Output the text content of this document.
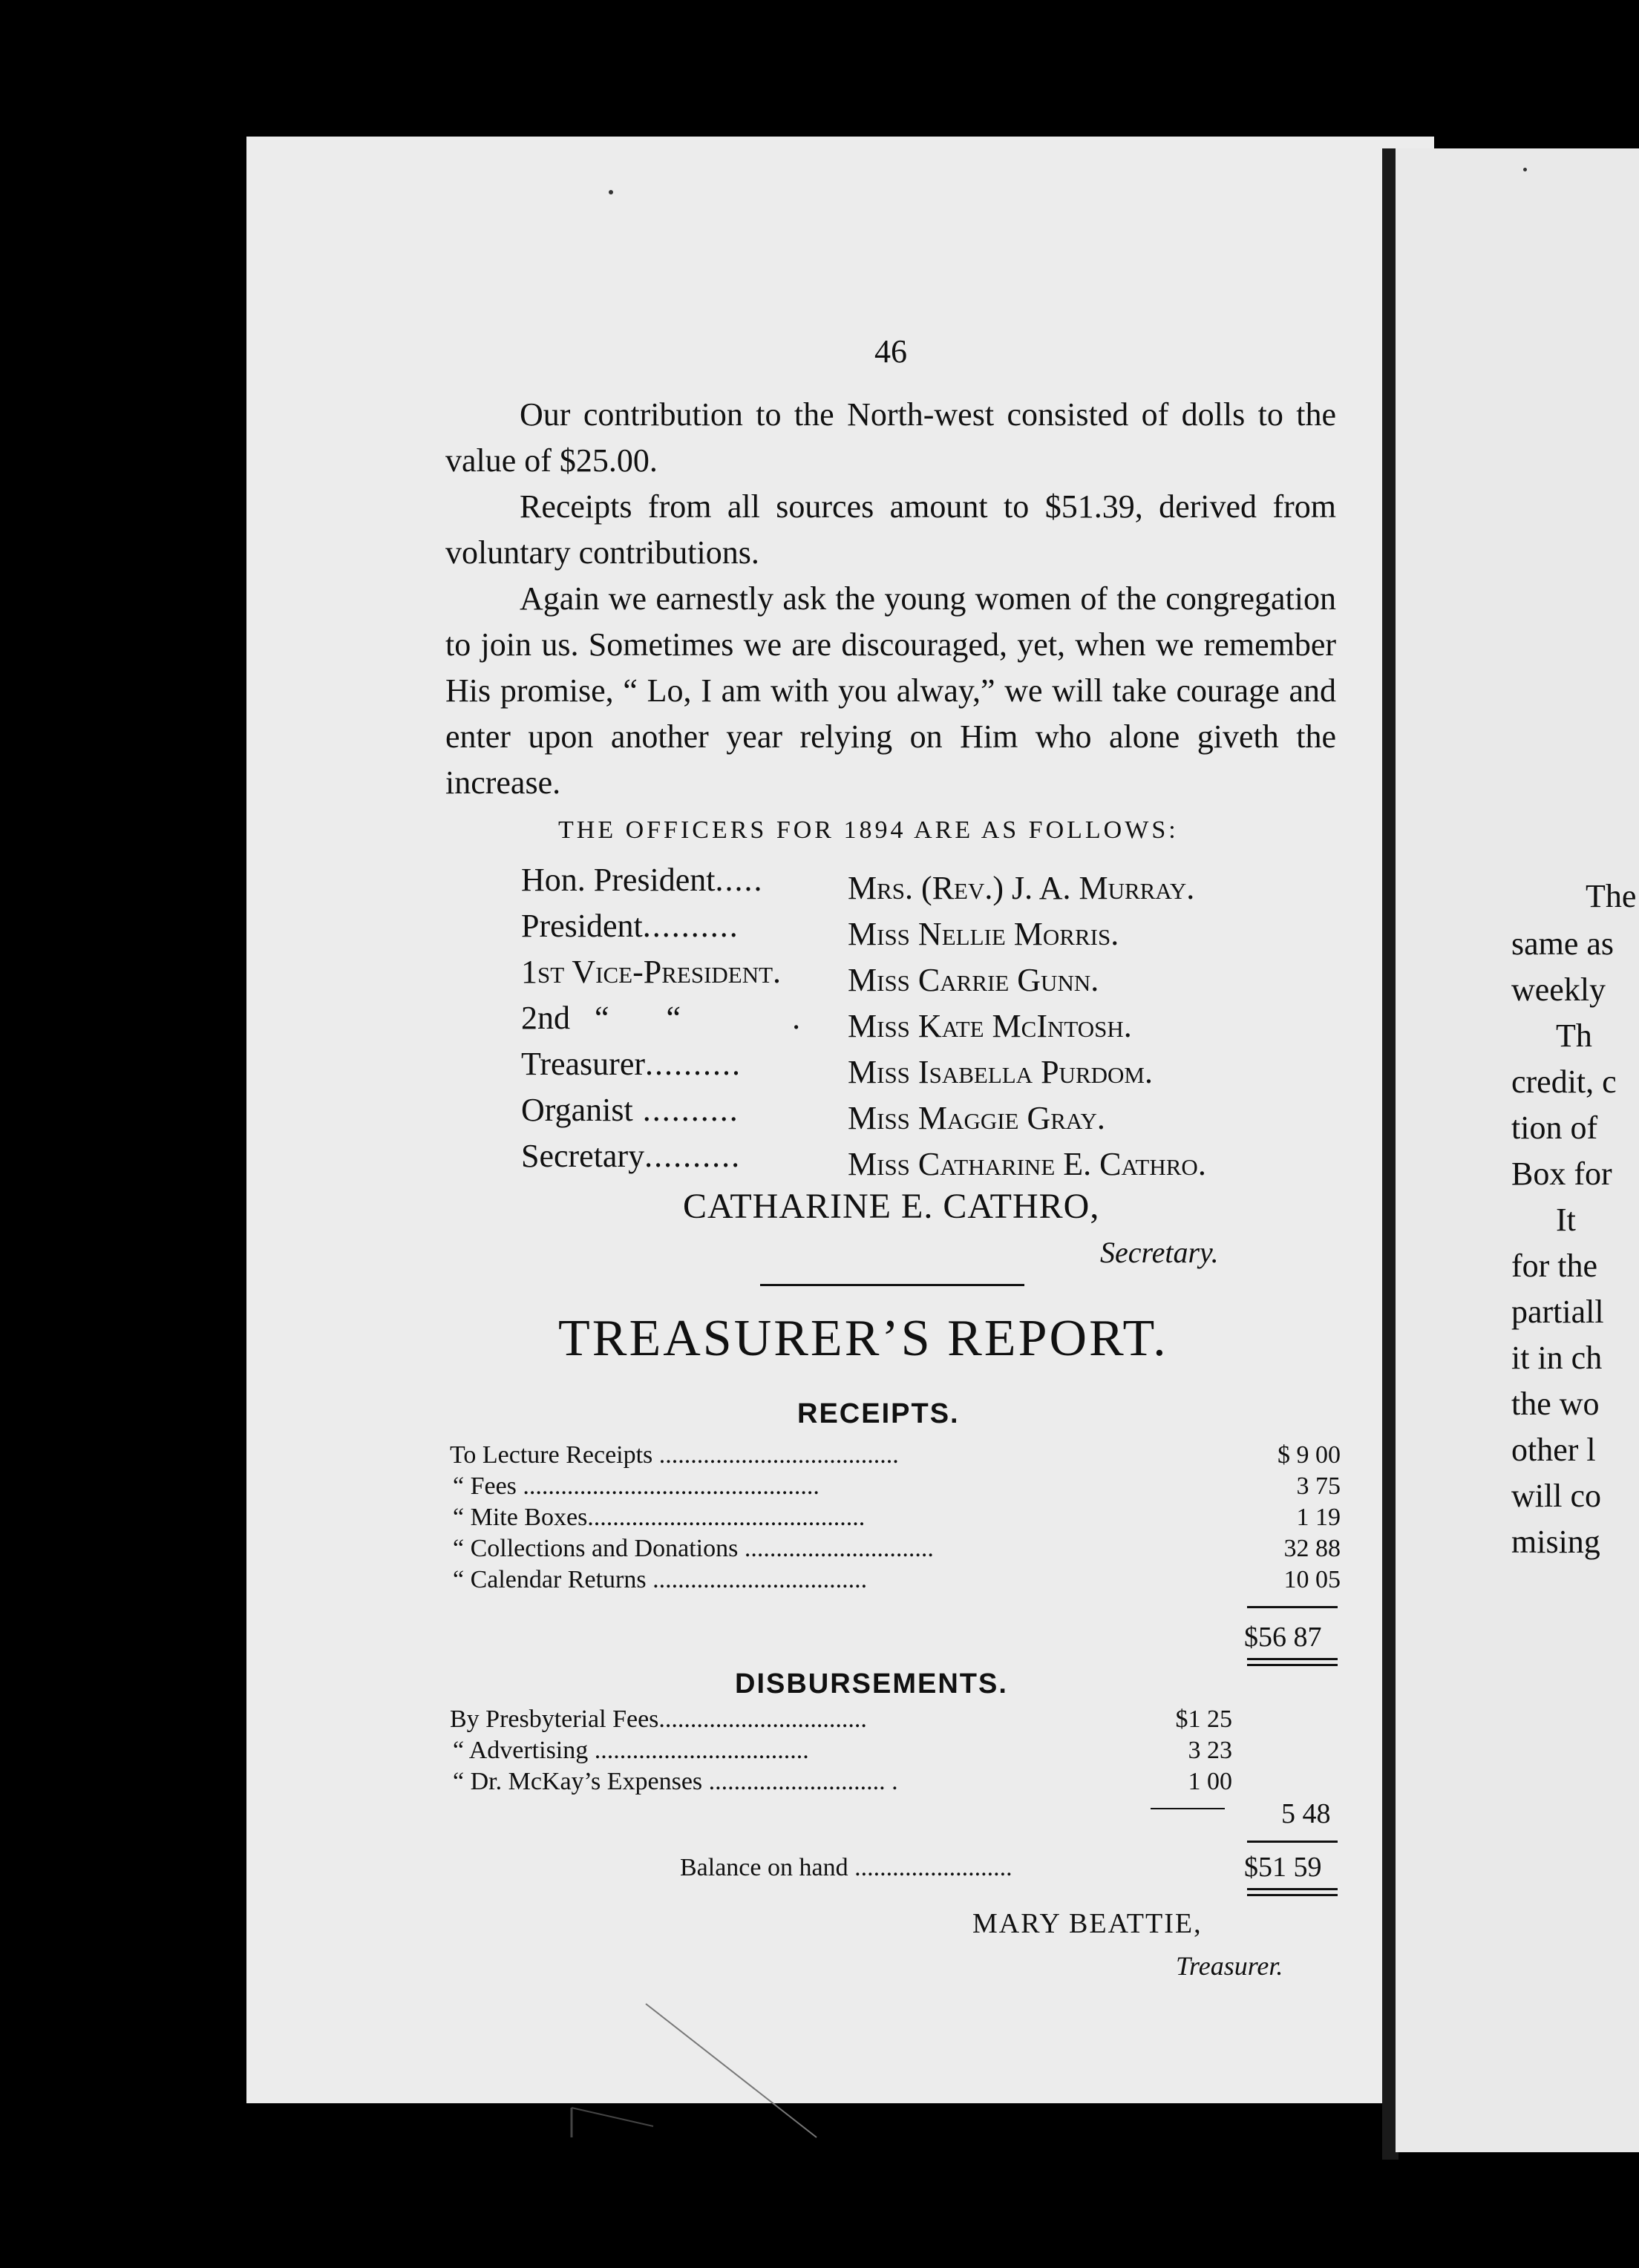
46
Our contribution to the North-west consisted of dolls to the value of $25.00.
Receipts from all sources amount to $51.39, derived from voluntary contributions.
Again we earnestly ask the young women of the congregation to join us. Sometimes we are discouraged, yet, when we remember His promise, “ Lo, I am with you alway,” we will take courage and enter upon another year relying on Him who alone giveth the increase.
THE OFFICERS FOR 1894 ARE AS FOLLOWS:
Hon. President.....	Mrs. (Rev.) J. A. Murray.
President..........	Miss Nellie Morris.
1st Vice-President. Miss Carrie Gunn.
2nd   “       “	. Miss Kate McIntosh.
Treasurer..........	Miss Isabella Purdom.
Organist ..........	Miss Maggie Gray.
Secretary..........	Miss Catharine E. Cathro.
CATHARINE E. CATHRO,
Secretary.
TREASURER’S REPORT.
RECEIPTS.
To Lecture Receipts ......................................	$ 9 00
“ Fees ...............................................	3 75
“ Mite Boxes............................................	1 19
“ Collections and Donations ..............................	32 88
“ Calendar Returns ..................................	10 05
$56 87
DISBURSEMENTS.
By Presbyterial Fees.................................	$1 25
“ Advertising ..................................	3 23
“ Dr. McKay’s Expenses ............................ .	1 00
5 48
Balance on hand .........................	$51 59
MARY BEATTIE,
Treasurer.
The
same as
weekly
Th
credit, c
tion of
Box for
It
for the
partiall
it in ch
the wo
other l
will co
mising
